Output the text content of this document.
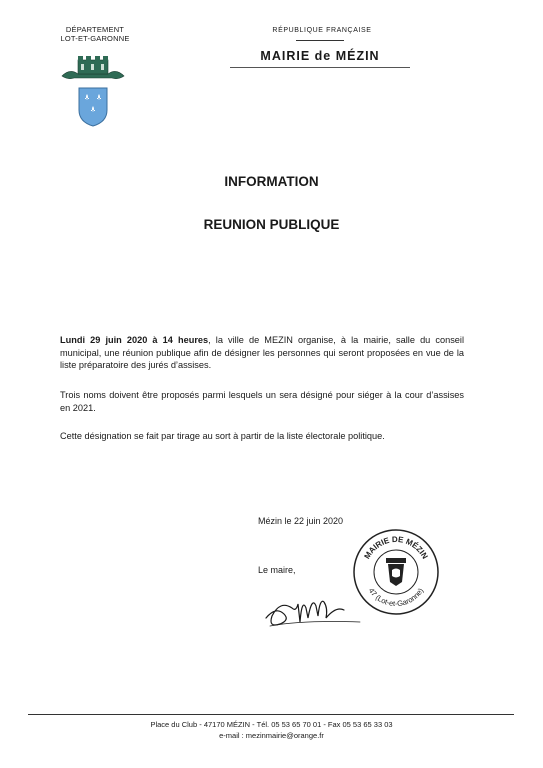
DÉPARTEMENT
LOT-ET-GARONNE
RÉPUBLIQUE FRANÇAISE
MAIRIE de MÉZIN
INFORMATION
REUNION PUBLIQUE
Lundi 29 juin 2020 à 14 heures, la ville de MEZIN organise, à la mairie, salle du conseil municipal, une réunion publique afin de désigner les personnes qui seront proposées en vue de la liste préparatoire des jurés d’assises.
Trois noms doivent être proposés parmi lesquels un sera désigné pour siéger à la cour d’assises en 2021.
Cette désignation se fait par tirage au sort à partir de la liste électorale politique.
Mézin le 22 juin 2020
Le maire,
MAIRIE DE MÉZIN
47 (Lot-et-Garonne)
Place du Club - 47170 MÉZIN - Tél. 05 53 65 70 01 - Fax 05 53 65 33 03
e-mail : mezinmairie@orange.fr
